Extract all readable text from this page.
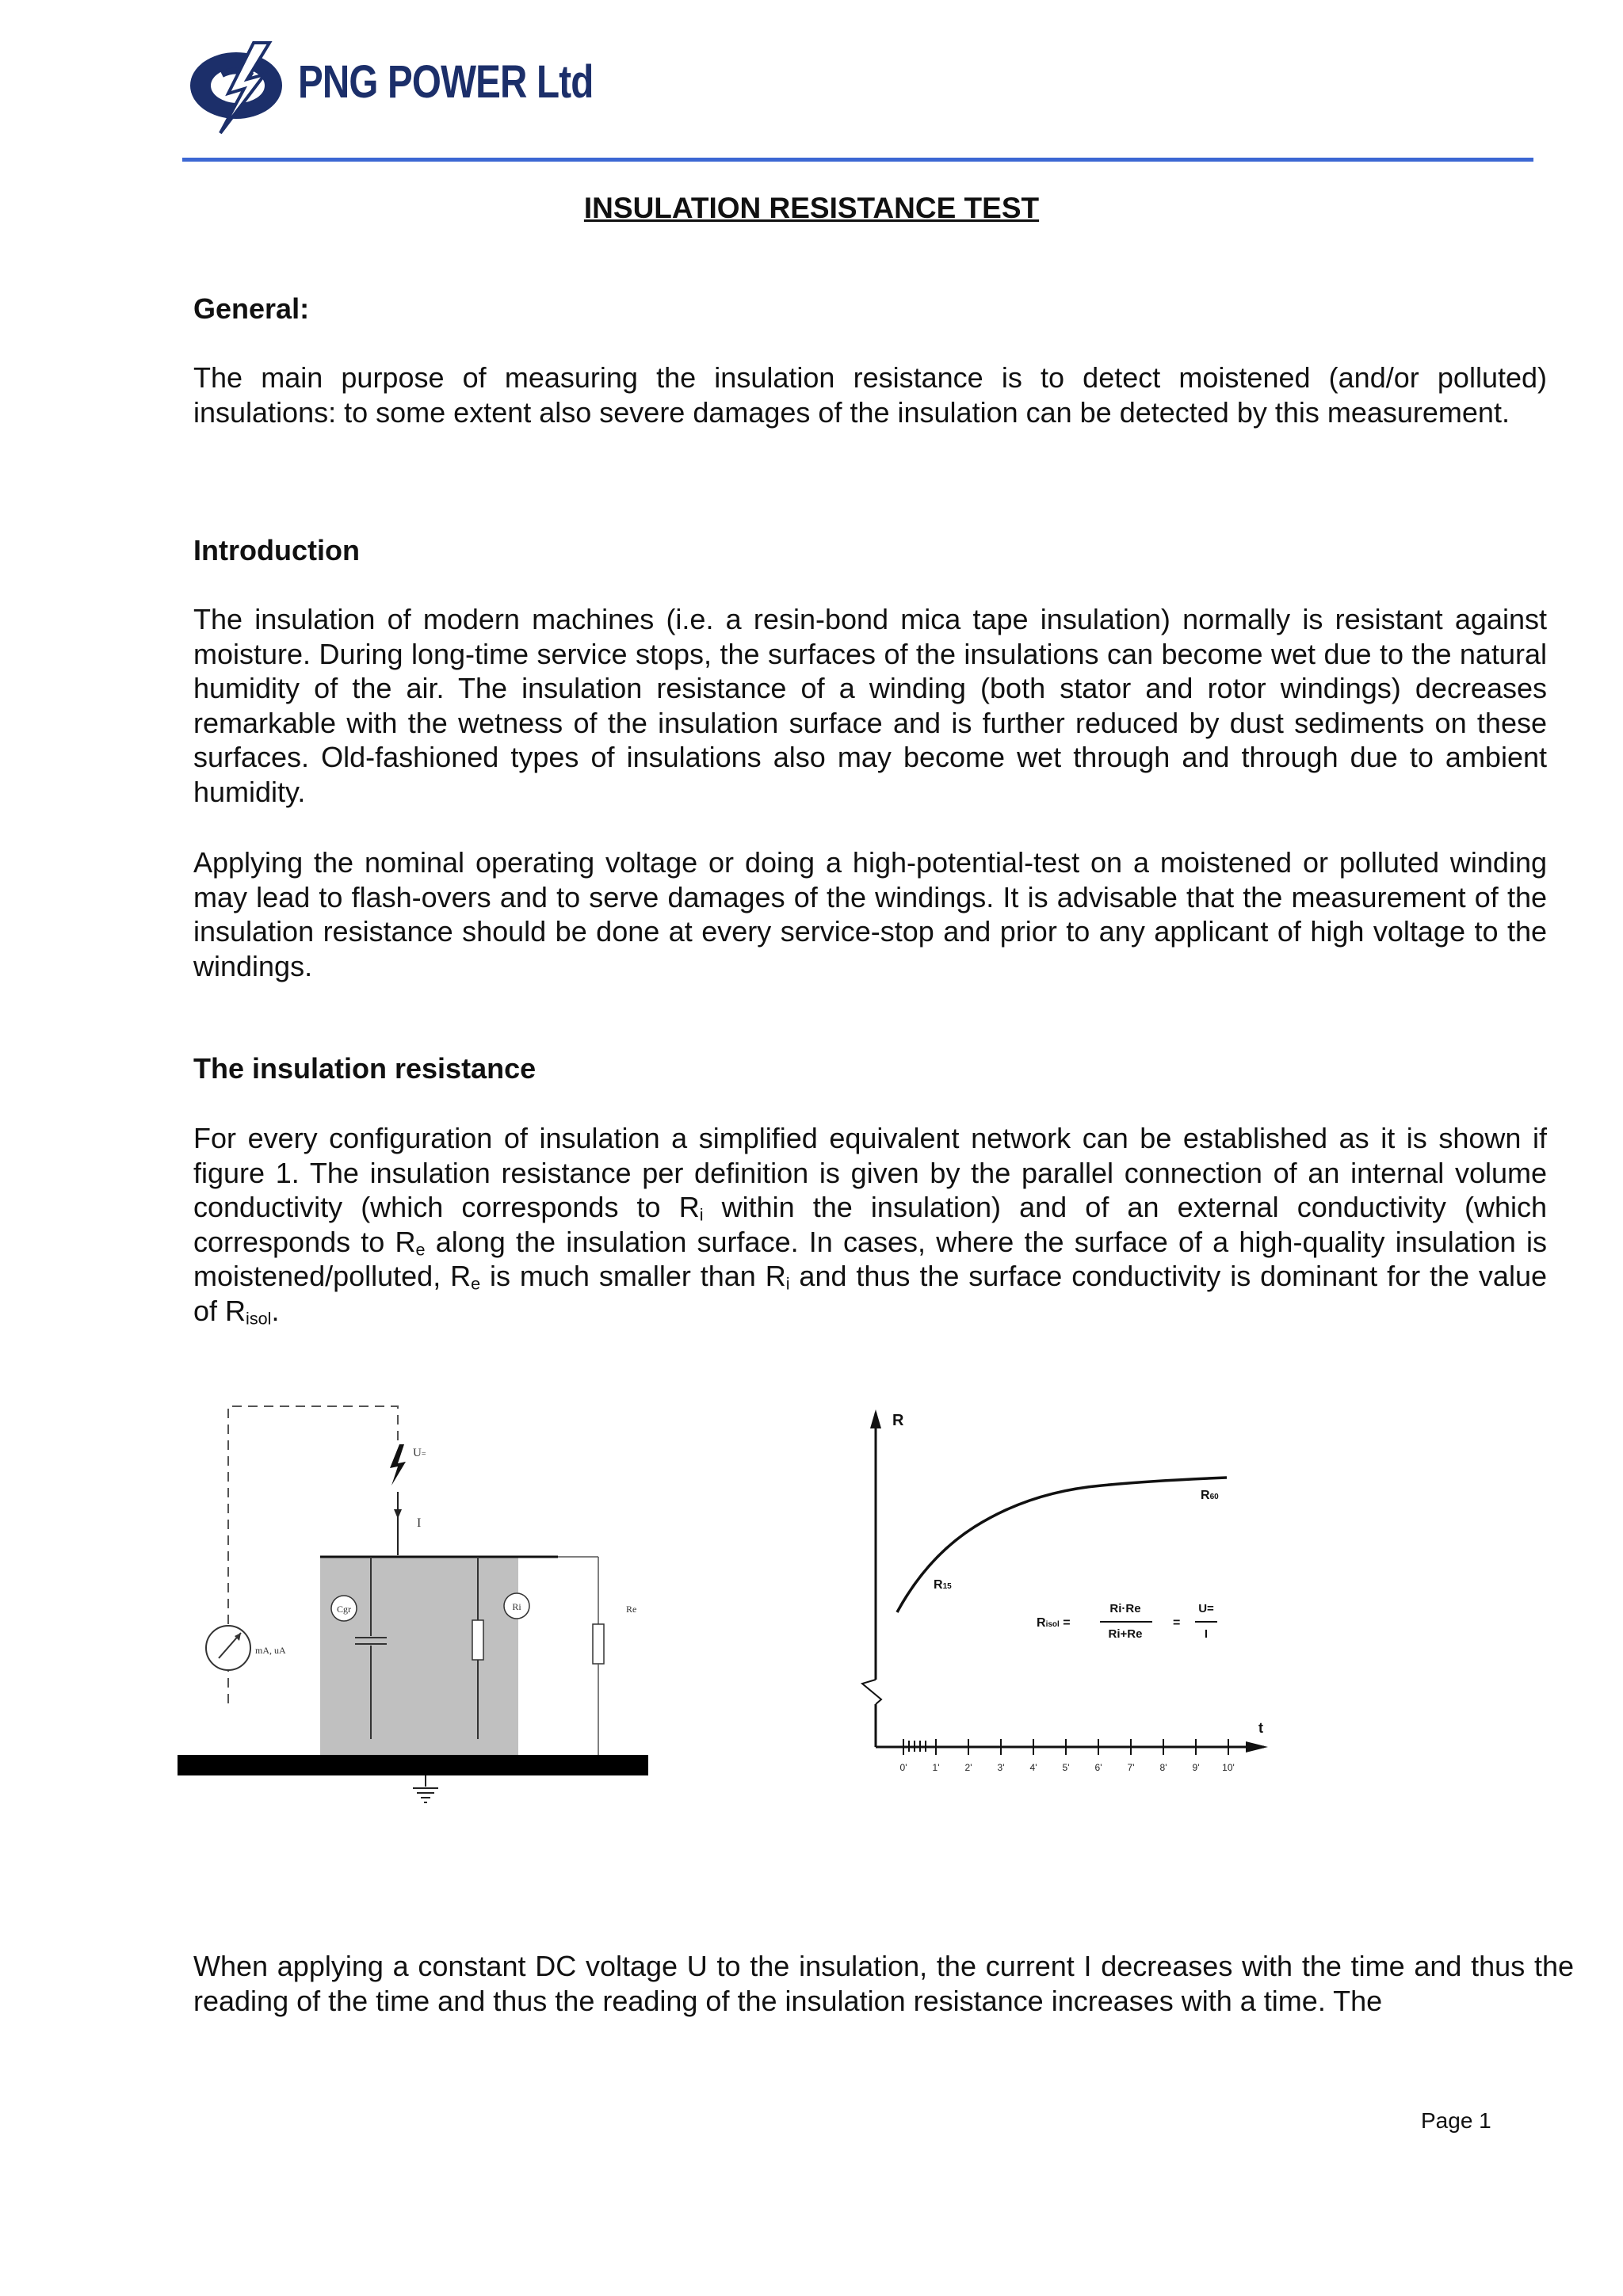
PNG POWER Ltd
INSULATION RESISTANCE TEST
General:
The main purpose of measuring the insulation resistance is to detect moistened (and/or polluted) insulations: to some extent also severe damages of the insulation can be detected by this measurement.
Introduction
The insulation of modern machines (i.e. a resin-bond mica tape insulation) normally is resistant against moisture. During long-time service stops, the surfaces of the insulations can become wet due to the natural humidity of the air. The insulation resistance of a winding (both stator and rotor windings) decreases remarkable with the wetness of the insulation surface and is further reduced by dust sediments on these surfaces. Old-fashioned types of insulations also may become wet through and through due to ambient humidity.
Applying the nominal operating voltage or doing a high-potential-test on a moistened or polluted winding may lead to flash-overs and to serve damages of the windings. It is advisable that the measurement of the insulation resistance should be done at every service-stop and prior to any applicant of high voltage to the windings.
The insulation resistance
For every configuration of insulation a simplified equivalent network can be established as it is shown if figure 1. The insulation resistance per definition is given by the parallel connection of an internal volume conductivity (which corresponds to $R_i$ within the insulation) and of an external conductivity (which corresponds to $R_e$ along the insulation surface. In cases, where the surface of a high-quality insulation is moistened/polluted, $R_e$ is much smaller than $R_i$ and thus the surface conductivity is dominant for the value of $R_{isol}$.
U=
I
Cgr	Ri	Re
mA, uA
R
t
0'	1'	2'	3'	4'	5'	6'	7'	8'	9' 10'
R15
R60
Risol =
Ri·Re
Ri+Re
=
U=
I
When applying a constant DC voltage U to the insulation, the current I decreases with the time and thus the reading of the time and thus the reading of the insulation resistance increases with a time. The
Page 1
